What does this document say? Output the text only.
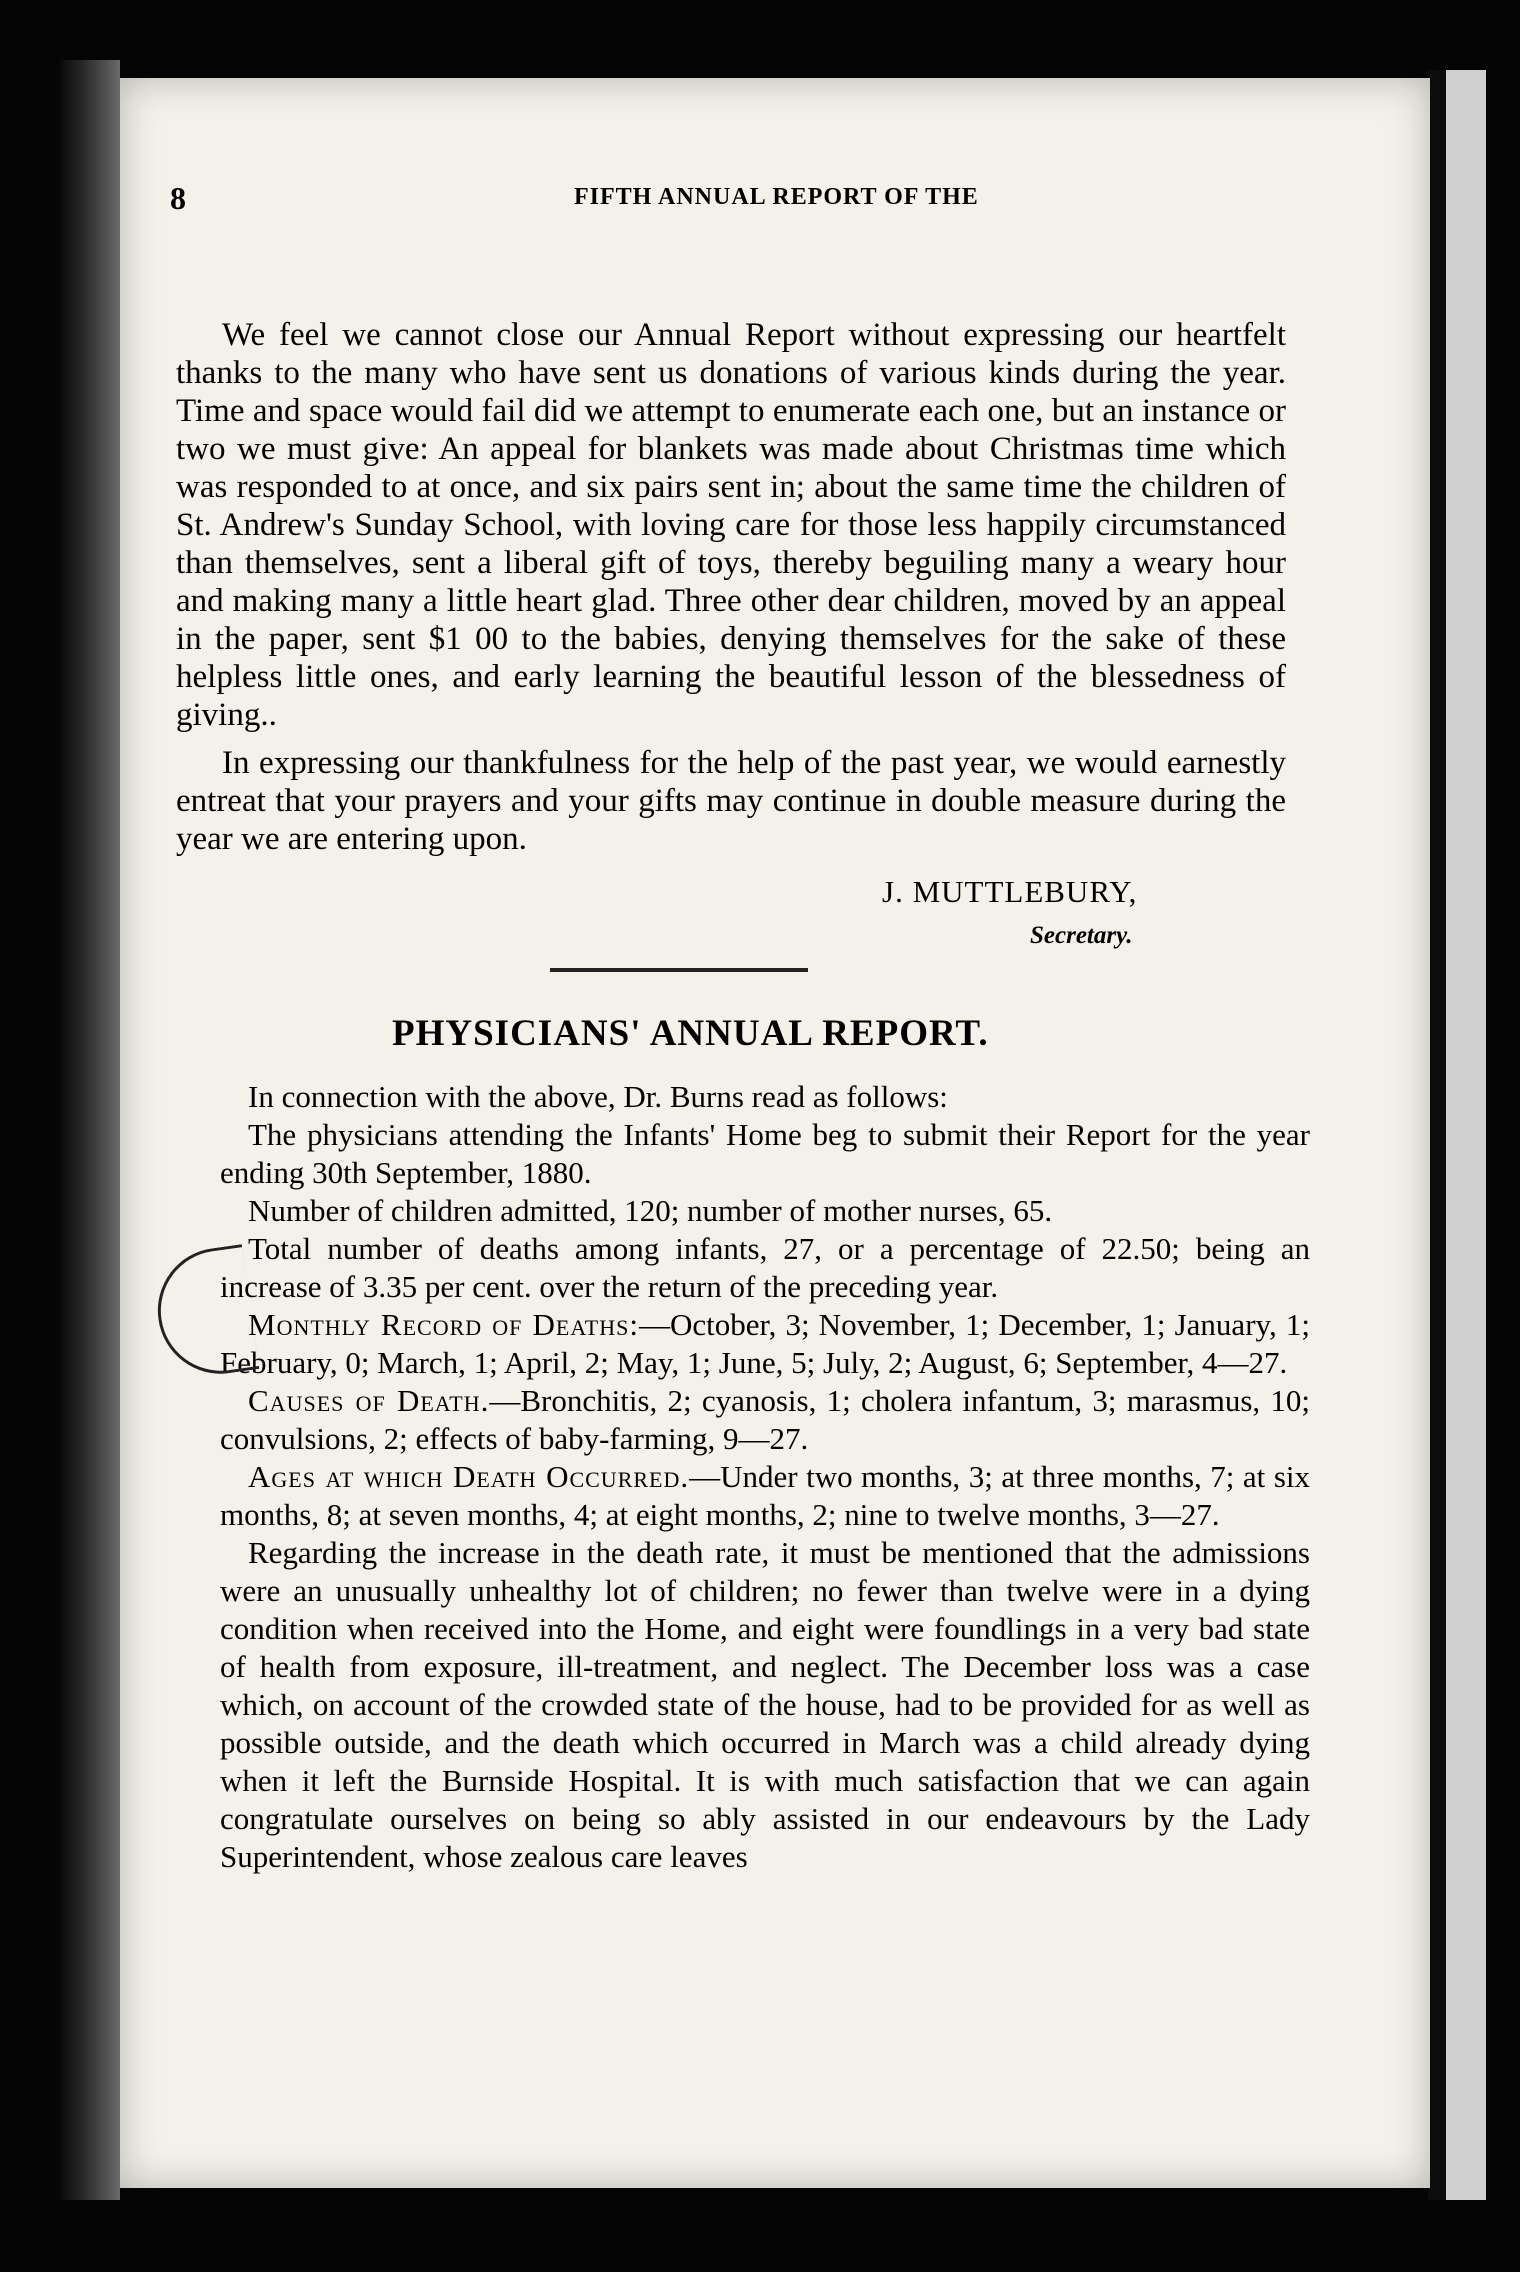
8	FIFTH ANNUAL REPORT OF THE

We feel we cannot close our Annual Report without expressing our heartfelt thanks to the many who have sent us donations of various kinds during the year. Time and space would fail did we attempt to enumerate each one, but an instance or two we must give: An appeal for blankets was made about Christmas time which was responded to at once, and six pairs sent in; about the same time the children of St. Andrew's Sunday School, with loving care for those less happily circumstanced than themselves, sent a liberal gift of toys, thereby beguiling many a weary hour and making many a little heart glad. Three other dear children, moved by an appeal in the paper, sent $1 00 to the babies, denying themselves for the sake of these helpless little ones, and early learning the beautiful lesson of the blessedness of giving..

In expressing our thankfulness for the help of the past year, we would earnestly entreat that your prayers and your gifts may continue in double measure during the year we are entering upon.

J. MUTTLEBURY,
Secretary.
PHYSICIANS' ANNUAL REPORT.

In connection with the above, Dr. Burns read as follows:

The physicians attending the Infants' Home beg to submit their Report for the year ending 30th September, 1880.

Number of children admitted, 120; number of mother nurses, 65.

Total number of deaths among infants, 27, or a percentage of 22.50; being an increase of 3.35 per cent. over the return of the preceding year.

Monthly Record of Deaths:—October, 3; November, 1; December, 1; January, 1; February, 0; March, 1; April, 2; May, 1; June, 5; July, 2; August, 6; September, 4—27.

Causes of Death.—Bronchitis, 2; cyanosis, 1; cholera infantum, 3; marasmus, 10; convulsions, 2; effects of baby-farming, 9—27.

Ages at which Death Occurred.—Under two months, 3; at three months, 7; at six months, 8; at seven months, 4; at eight months, 2; nine to twelve months, 3—27.

Regarding the increase in the death rate, it must be mentioned that the admissions were an unusually unhealthy lot of children; no fewer than twelve were in a dying condition when received into the Home, and eight were foundlings in a very bad state of health from exposure, ill-treatment, and neglect. The December loss was a case which, on account of the crowded state of the house, had to be provided for as well as possible outside, and the death which occurred in March was a child already dying when it left the Burnside Hospital. It is with much satisfaction that we can again congratulate ourselves on being so ably assisted in our endeavours by the Lady Superintendent, whose zealous care leaves
